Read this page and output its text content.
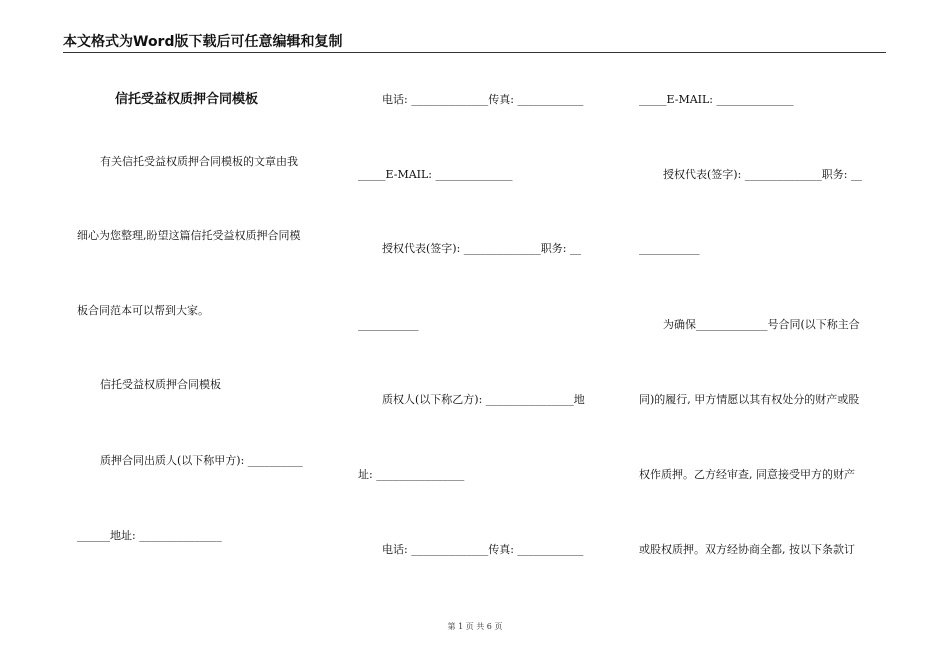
本文格式为Word版下载后可任意编辑和复制
信托受益权质押合同模板
有关信托受益权质押合同模板的文章由我
细心为您整理,盼望这篇信托受益权质押合同模
板合同范本可以帮到大家。
信托受益权质押合同模板
质押合同出质人(以下称甲方): __________
______地址: _______________
电话: ______________传真: ____________
_____E-MAIL: ______________
授权代表(签字): ______________职务: __
___________
质权人(以下称乙方): ________________地
址: ________________
电话: ______________传真: ____________
_____E-MAIL: ______________
授权代表(签字): ______________职务: __
___________
为确保_____________号合同(以下称主合
同)的履行, 甲方情愿以其有权处分的财产或股
权作质押。乙方经审查, 同意接受甲方的财产
或股权质押。双方经协商全都, 按以下条款订
第 1 页 共 6 页
